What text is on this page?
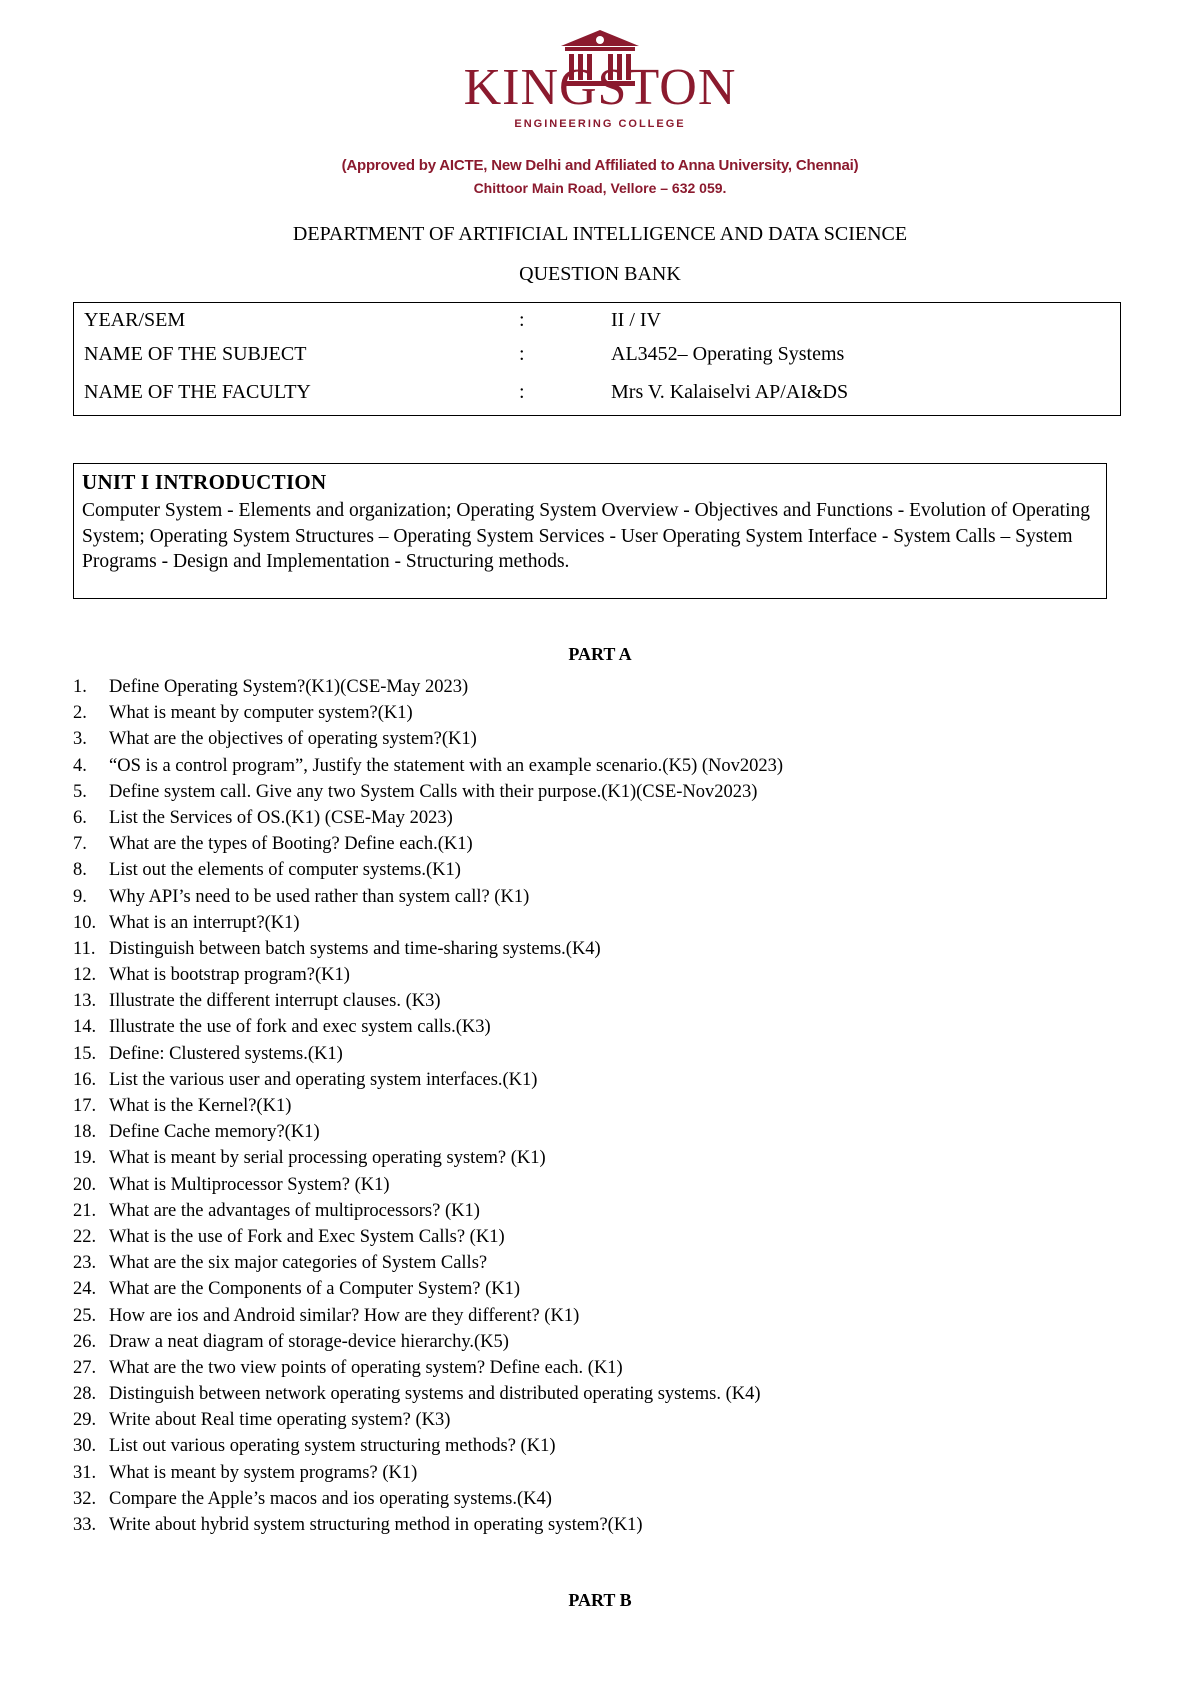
KINGSTON
ENGINEERING COLLEGE
(Approved by AICTE, New Delhi and Affiliated to Anna University, Chennai)
Chittoor Main Road, Vellore – 632 059.
DEPARTMENT OF ARTIFICIAL INTELLIGENCE AND DATA SCIENCE
QUESTION BANK
YEAR/SEM	:	II / IV
NAME OF THE SUBJECT	:	AL3452– Operating Systems
NAME OF THE FACULTY	:	Mrs V. Kalaiselvi AP/AI&DS
UNIT I INTRODUCTION
Computer System - Elements and organization; Operating System Overview - Objectives and Functions - Evolution of Operating System; Operating System Structures – Operating System Services - User Operating System Interface - System Calls – System Programs - Design and Implementation - Structuring methods.
PART A
1. Define Operating System?(K1)(CSE-May 2023)
2. What is meant by computer system?(K1)
3. What are the objectives of operating system?(K1)
4. “OS is a control program”, Justify the statement with an example scenario.(K5) (Nov2023)
5. Define system call. Give any two System Calls with their purpose.(K1)(CSE-Nov2023)
6. List the Services of OS.(K1) (CSE-May 2023)
7. What are the types of Booting? Define each.(K1)
8. List out the elements of computer systems.(K1)
9. Why API’s need to be used rather than system call? (K1)
10. What is an interrupt?(K1)
11. Distinguish between batch systems and time-sharing systems.(K4)
12. What is bootstrap program?(K1)
13. Illustrate the different interrupt clauses. (K3)
14. Illustrate the use of fork and exec system calls.(K3)
15. Define: Clustered systems.(K1)
16. List the various user and operating system interfaces.(K1)
17. What is the Kernel?(K1)
18. Define Cache memory?(K1)
19. What is meant by serial processing operating system? (K1)
20. What is Multiprocessor System? (K1)
21. What are the advantages of multiprocessors? (K1)
22. What is the use of Fork and Exec System Calls? (K1)
23. What are the six major categories of System Calls?
24. What are the Components of a Computer System? (K1)
25. How are ios and Android similar? How are they different? (K1)
26. Draw a neat diagram of storage-device hierarchy.(K5)
27. What are the two view points of operating system? Define each. (K1)
28. Distinguish between network operating systems and distributed operating systems. (K4)
29. Write about Real time operating system? (K3)
30. List out various operating system structuring methods? (K1)
31. What is meant by system programs? (K1)
32. Compare the Apple’s macos and ios operating systems.(K4)
33. Write about hybrid system structuring method in operating system?(K1)
PART B
